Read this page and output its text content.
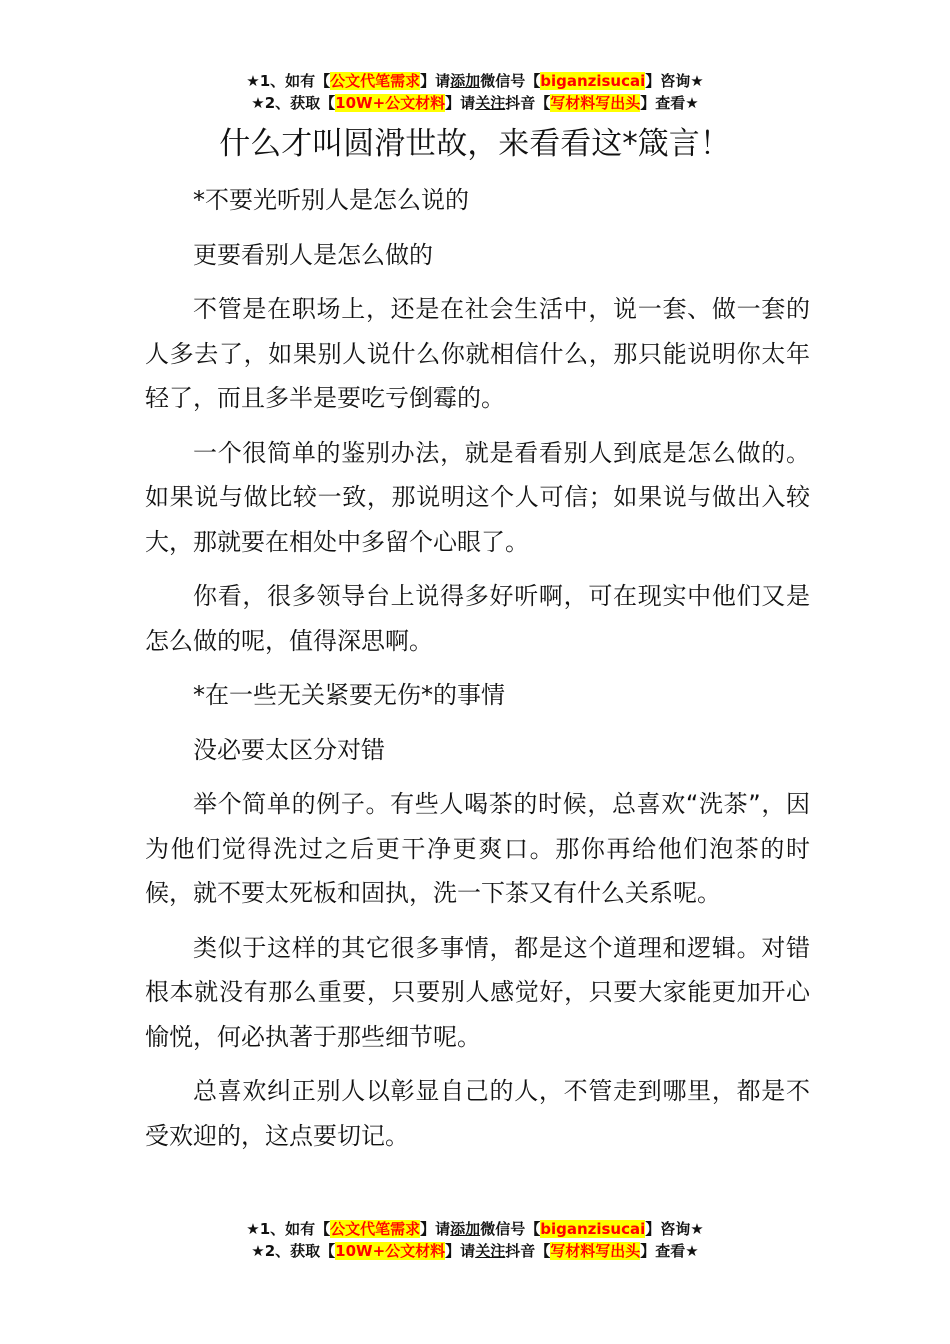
★1、如有【公文代笔需求】请添加微信号【biganzisucai】咨询★
★2、获取【10W+公文材料】请关注抖音【写材料写出头】查看★
什么才叫圆滑世故，来看看这*箴言！

*不要光听别人是怎么说的

更要看别人是怎么做的

不管是在职场上，还是在社会生活中，说一套、做一套的人多去了，如果别人说什么你就相信什么，那只能说明你太年轻了，而且多半是要吃亏倒霉的。

一个很简单的鉴别办法，就是看看别人到底是怎么做的。如果说与做比较一致，那说明这个人可信；如果说与做出入较大，那就要在相处中多留个心眼了。

你看，很多领导台上说得多好听啊，可在现实中他们又是怎么做的呢，值得深思啊。

*在一些无关紧要无伤*的事情

没必要太区分对错

举个简单的例子。有些人喝茶的时候，总喜欢“洗茶”，因为他们觉得洗过之后更干净更爽口。那你再给他们泡茶的时候，就不要太死板和固执，洗一下茶又有什么关系呢。

类似于这样的其它很多事情，都是这个道理和逻辑。对错根本就没有那么重要，只要别人感觉好，只要大家能更加开心愉悦，何必执著于那些细节呢。

总喜欢纠正别人以彰显自己的人，不管走到哪里，都是不受欢迎的，这点要切记。

★1、如有【公文代笔需求】请添加微信号【biganzisucai】咨询★
★2、获取【10W+公文材料】请关注抖音【写材料写出头】查看★
